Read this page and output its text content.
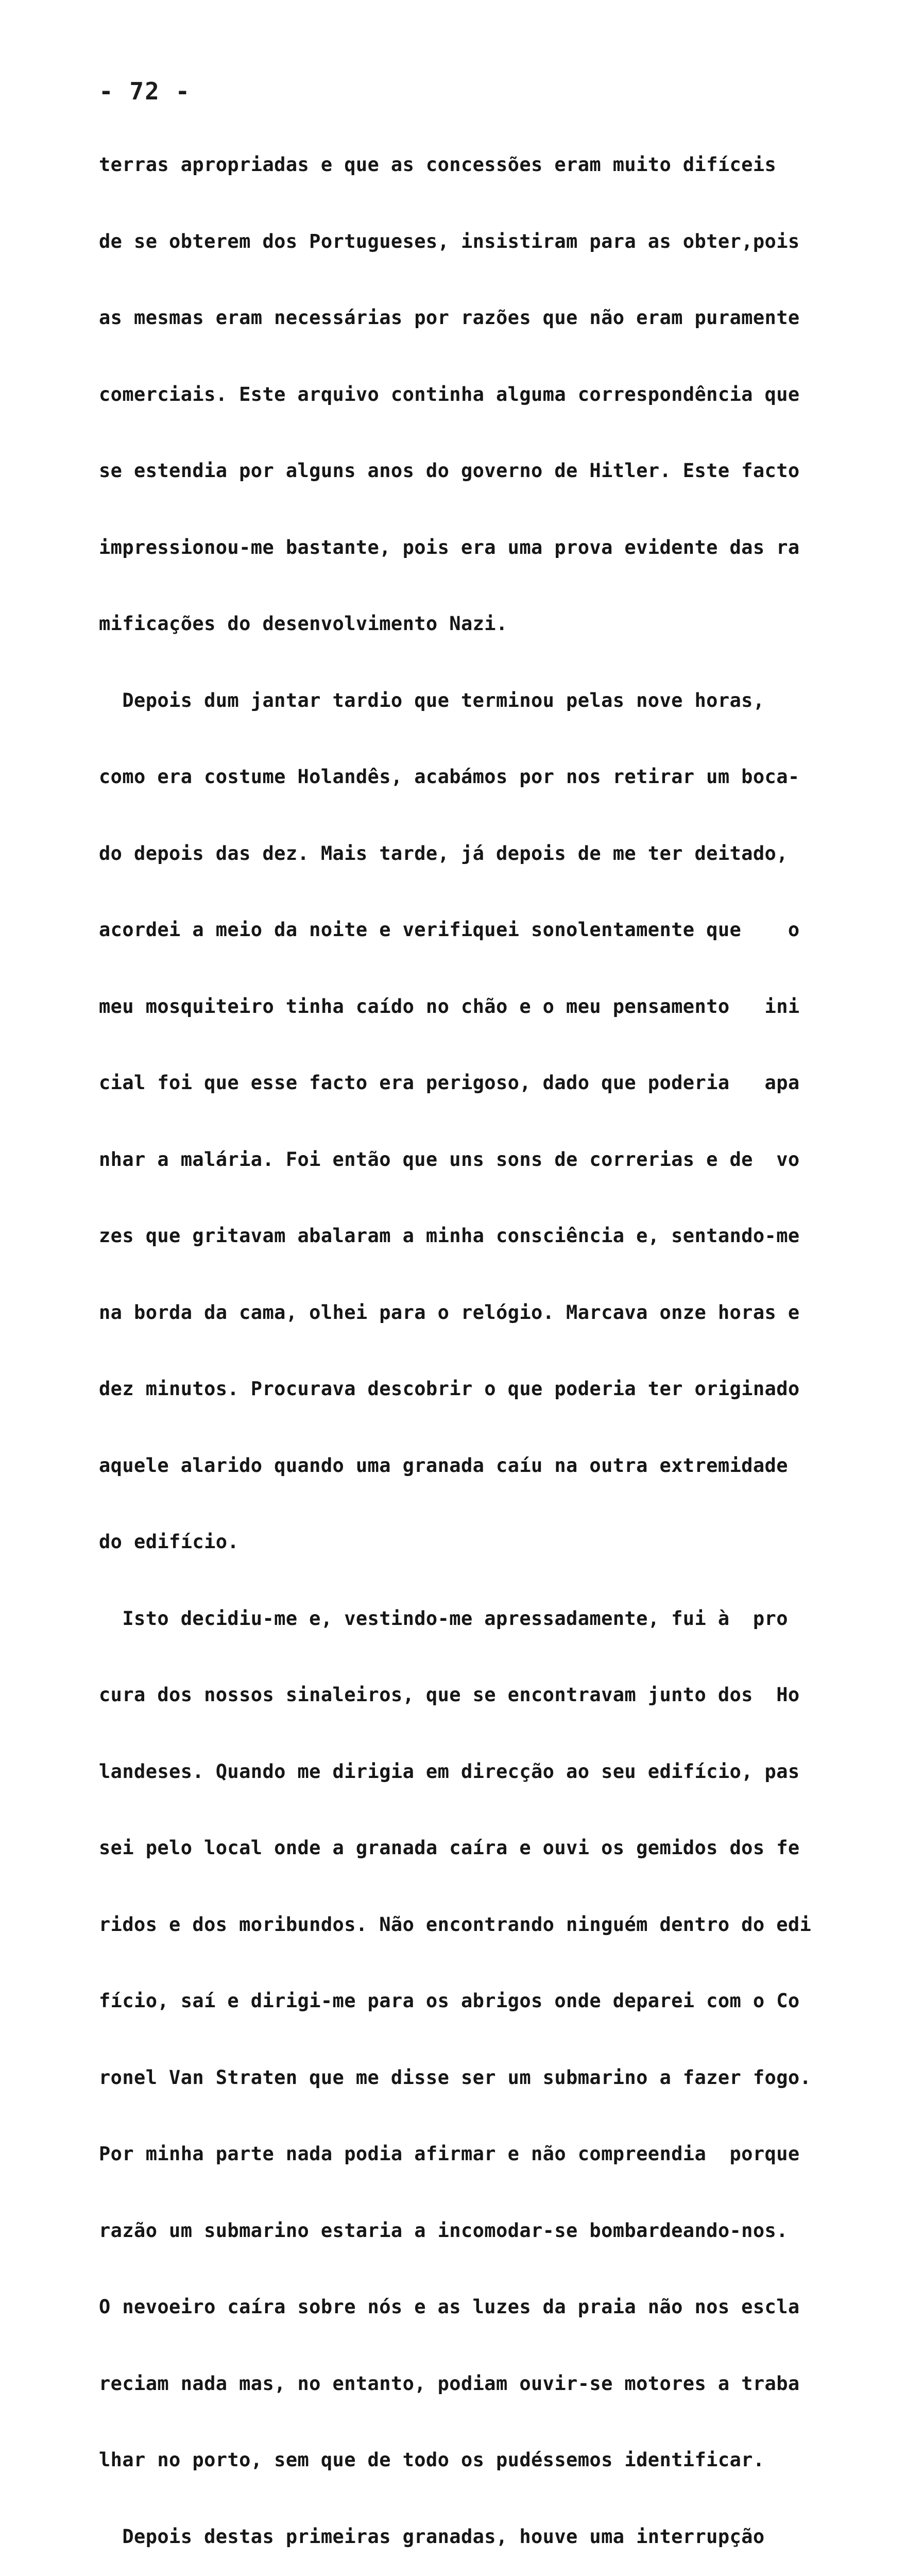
- 72 -

terras apropriadas e que as concessões eram muito difíceis

de se obterem dos Portugueses, insistiram para as obter,pois

as mesmas eram necessárias por razões que não eram puramente

comerciais. Este arquivo continha alguma correspondência que

se estendia por alguns anos do governo de Hitler. Este facto

impressionou-me bastante, pois era uma prova evidente das ra

mificações do desenvolvimento Nazi.

Depois dum jantar tardio que terminou pelas nove horas,

como era costume Holandês, acabámos por nos retirar um boca-

do depois das dez. Mais tarde, já depois de me ter deitado,

acordei a meio da noite e verifiquei sonolentamente que    o

meu mosquiteiro tinha caído no chão e o meu pensamento   ini

cial foi que esse facto era perigoso, dado que poderia   apa

nhar a malária. Foi então que uns sons de correrias e de  vo

zes que gritavam abalaram a minha consciência e, sentando-me

na borda da cama, olhei para o relógio. Marcava onze horas e

dez minutos. Procurava descobrir o que poderia ter originado

aquele alarido quando uma granada caíu na outra extremidade

do edifício.

Isto decidiu-me e, vestindo-me apressadamente, fui à  pro

cura dos nossos sinaleiros, que se encontravam junto dos  Ho

landeses. Quando me dirigia em direcção ao seu edifício, pas

sei pelo local onde a granada caíra e ouvi os gemidos dos fe

ridos e dos moribundos. Não encontrando ninguém dentro do edi

fício, saí e dirigi-me para os abrigos onde deparei com o Co

ronel Van Straten que me disse ser um submarino a fazer fogo.

Por minha parte nada podia afirmar e não compreendia  porque

razão um submarino estaria a incomodar-se bombardeando-nos.

O nevoeiro caíra sobre nós e as luzes da praia não nos escla

reciam nada mas, no entanto, podiam ouvir-se motores a traba

lhar no porto, sem que de todo os pudéssemos identificar.

Depois destas primeiras granadas, houve uma interrupção
